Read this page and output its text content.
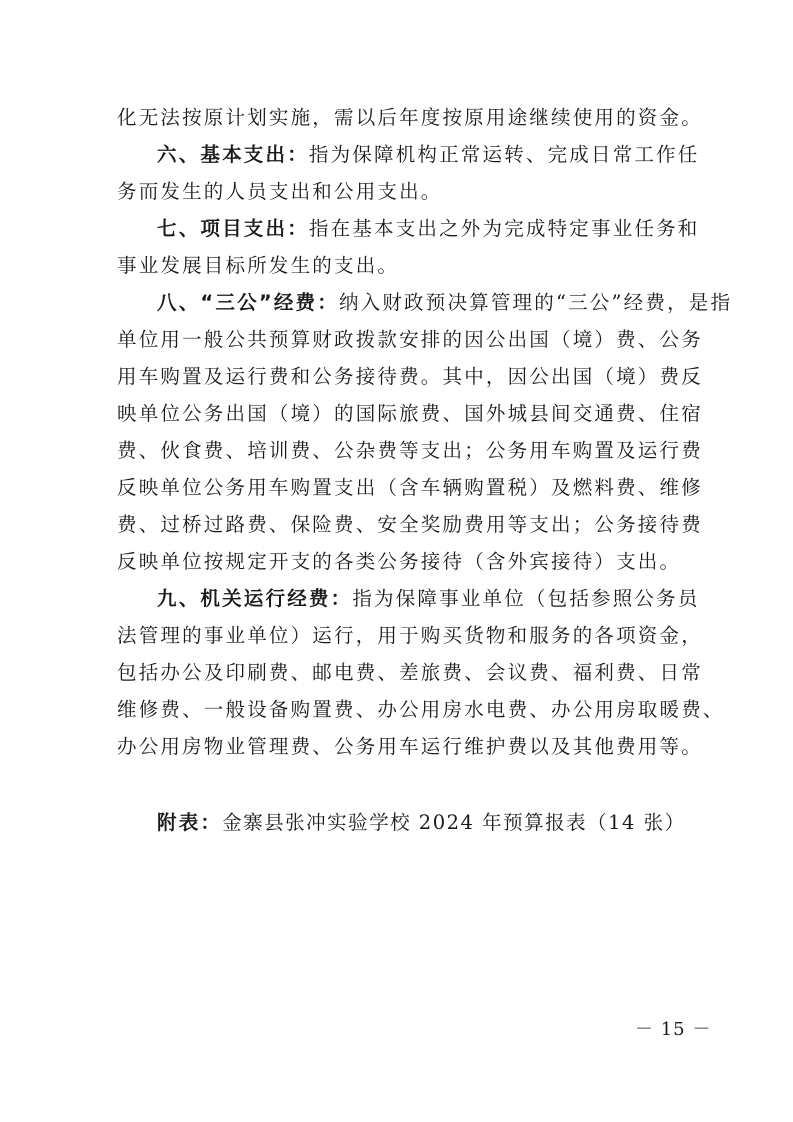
化无法按原计划实施，需以后年度按原用途继续使用的资金。
六、基本支出：指为保障机构正常运转、完成日常工作任
务而发生的人员支出和公用支出。
七、项目支出：指在基本支出之外为完成特定事业任务和
事业发展目标所发生的支出。
八、“三公”经费：纳入财政预决算管理的“三公”经费，是指
单位用一般公共预算财政拨款安排的因公出国（境）费、公务
用车购置及运行费和公务接待费。其中，因公出国（境）费反
映单位公务出国（境）的国际旅费、国外城县间交通费、住宿
费、伙食费、培训费、公杂费等支出；公务用车购置及运行费
反映单位公务用车购置支出（含车辆购置税）及燃料费、维修
费、过桥过路费、保险费、安全奖励费用等支出；公务接待费
反映单位按规定开支的各类公务接待（含外宾接待）支出。
九、机关运行经费：指为保障事业单位（包括参照公务员
法管理的事业单位）运行，用于购买货物和服务的各项资金，
包括办公及印刷费、邮电费、差旅费、会议费、福利费、日常
维修费、一般设备购置费、办公用房水电费、办公用房取暖费、
办公用房物业管理费、公务用车运行维护费以及其他费用等。
附表：金寨县张冲实验学校 2024 年预算报表（14 张）
－ 15 －
